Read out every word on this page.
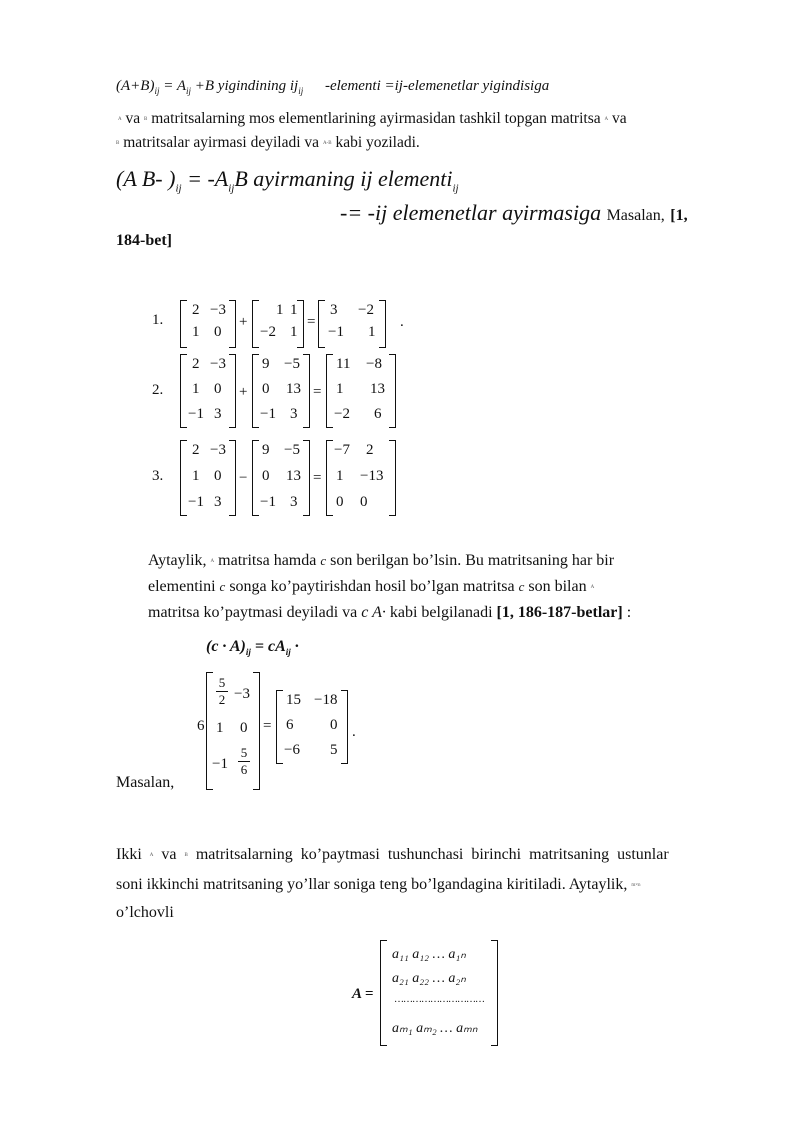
$(A+B)_{ij} = A_{ij} +B$ yigindining $ij_{ij}$ -elementi =ij-elemenetlar yigindisiga
A va B matritsalarning mos elementlarining ayirmasidan tashkil topgan matritsa A va
B matritsalar ayirmasi deyiladi va A-B kabi yoziladi.
(A B- )$_{ij} = -A_{ij}B$ ayirmaning ij elementi$_{ij}$
-= -ij elemenetlar ayirmasiga Masalan, [1,
184-bet]
1.
2 −3
1 0
+
1 1
−2 1
=
3 −2
−1 1
.
2.
2 −3
1 0
−1 3
+
9 −5
0 13
−1 3
=
11 −8
1 13
−2 6
3.
2 −3
1 0
−1 3
−
9 −5
0 13
−1 3
=
−7 2
1 −13
0 0
Aytaylik, A matritsa hamda c son berilgan bo’lsin. Bu matritsaning har bir
elementini c songa ko’paytirishdan hosil bo’lgan matritsa c son bilan A
matritsa ko’paytmasi deyiladi va c A· kabi belgilanadi [1, 186-187-betlar] :
$(c \cdot A)_{ij} = cA_{ij}$ ·
Masalan,
6
5
2 −3
1 0
−1
5
6
=
15 −18
6 0
−6 5
.
Ikki A va B matritsalarning ko’paytmasi tushunchasi birinchi matritsaning ustunlar
soni ikkinchi matritsaning yo’llar soniga teng bo’lgandagina kiritiladi. Aytaylik, m×n
o’lchovli
A =
a₁₁ a₁₂ … a₁ₙ
a₂₁ a₂₂ … a₂ₙ
…………………………
aₘ₁ aₘ₂ … aₘₙ
